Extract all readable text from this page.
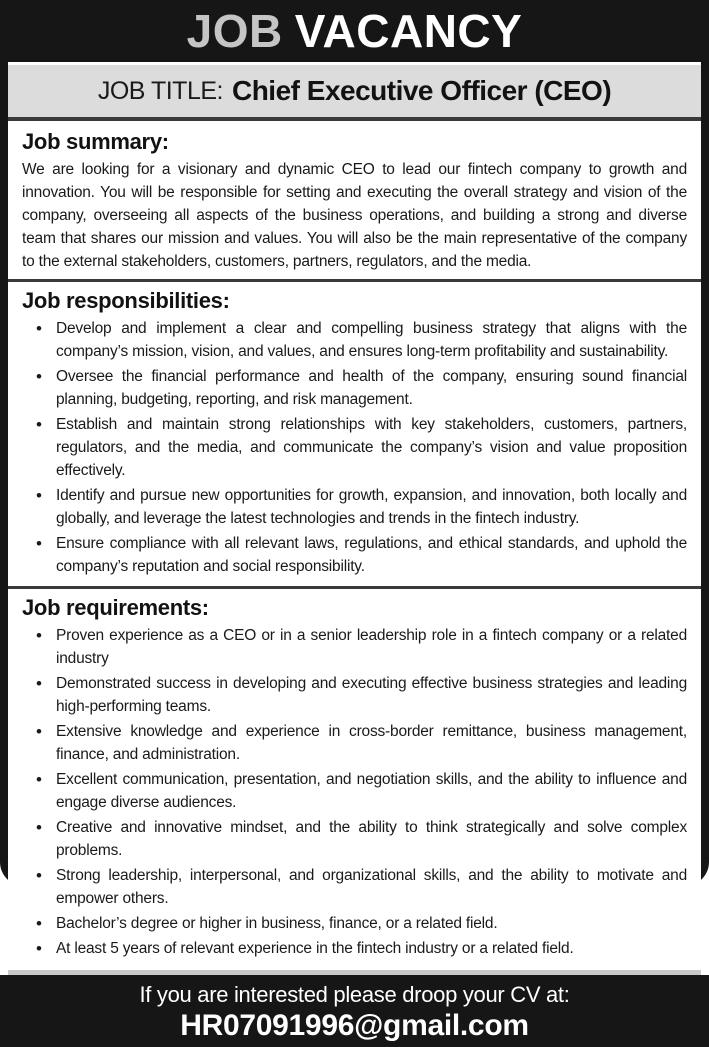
JOB VACANCY
JOB TITLE: Chief Executive Officer (CEO)
Job summary:

We are looking for a visionary and dynamic CEO to lead our fintech company to growth and innovation. You will be responsible for setting and executing the overall strategy and vision of the company, overseeing all aspects of the business operations, and building a strong and diverse team that shares our mission and values. You will also be the main representative of the company to the external stakeholders, customers, partners, regulators, and the media.

Job responsibilities:
• Develop and implement a clear and compelling business strategy that aligns with the company’s mission, vision, and values, and ensures long-term profitability and sustainability.
• Oversee the financial performance and health of the company, ensuring sound financial planning, budgeting, reporting, and risk management.
• Establish and maintain strong relationships with key stakeholders, customers, partners, regulators, and the media, and communicate the company’s vision and value proposition effectively.
• Identify and pursue new opportunities for growth, expansion, and innovation, both locally and globally, and leverage the latest technologies and trends in the fintech industry.
• Ensure compliance with all relevant laws, regulations, and ethical standards, and uphold the company’s reputation and social responsibility.
Job requirements:
• Proven experience as a CEO or in a senior leadership role in a fintech company or a related industry
• Demonstrated success in developing and executing effective business strategies and leading high-performing teams.
• Extensive knowledge and experience in cross-border remittance, business management, finance, and administration.
• Excellent communication, presentation, and negotiation skills, and the ability to influence and engage diverse audiences.
• Creative and innovative mindset, and the ability to think strategically and solve complex problems.
• Strong leadership, interpersonal, and organizational skills, and the ability to motivate and empower others.
• Bachelor’s degree or higher in business, finance, or a related field.
• At least 5 years of relevant experience in the fintech industry or a related field.
If you are interested please droop your CV at:
HR07091996@gmail.com
